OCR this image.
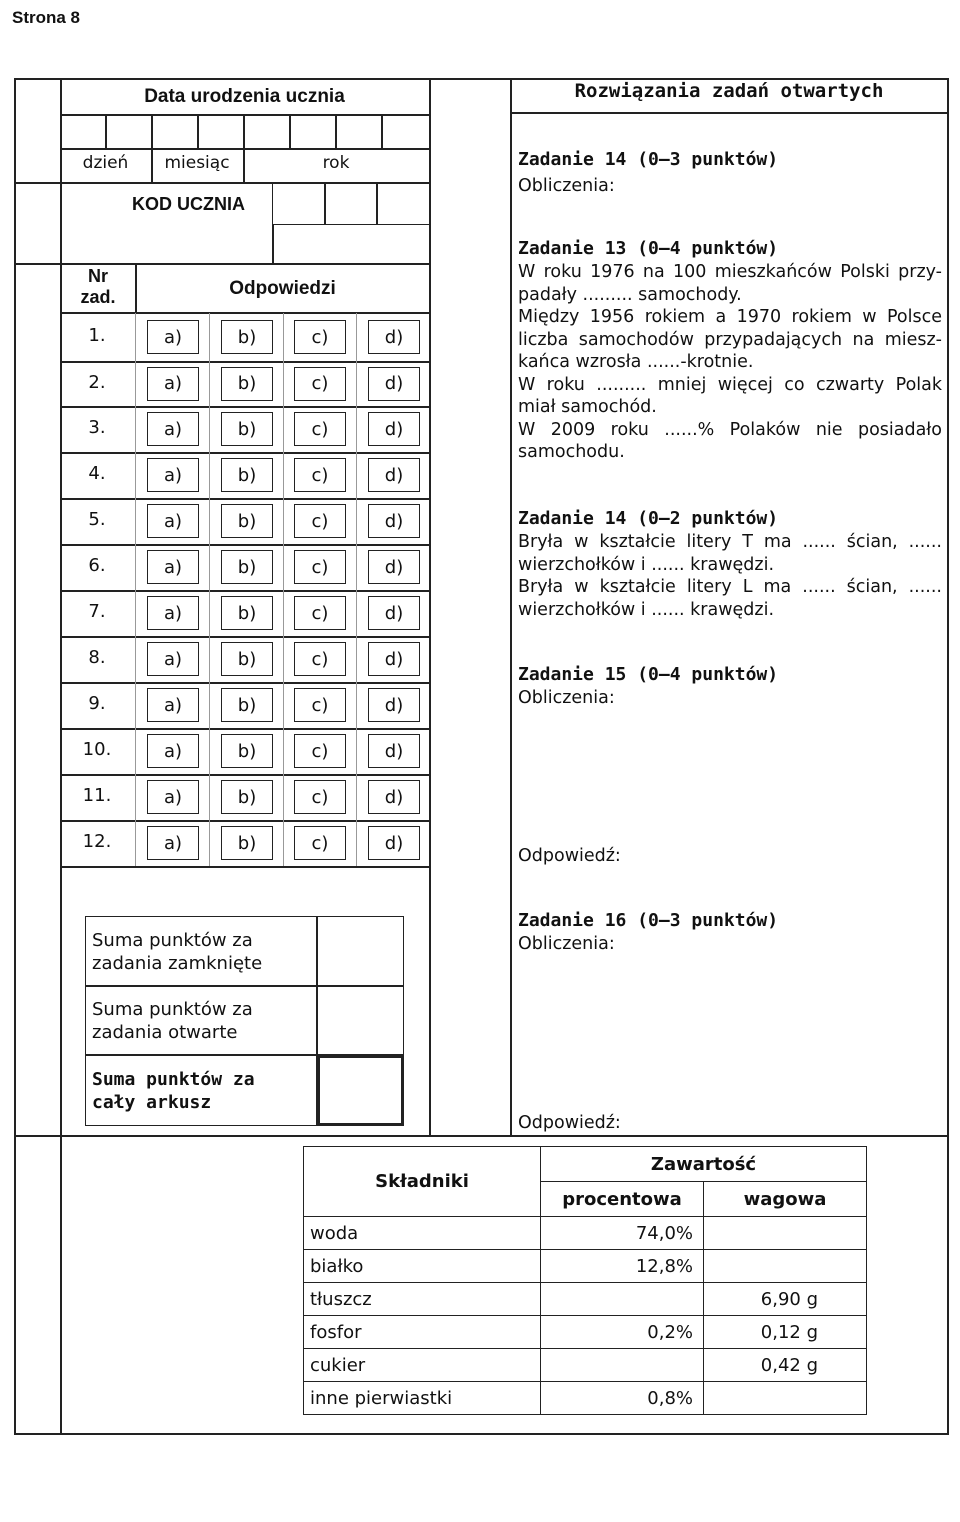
Strona 8
Data urodzenia ucznia
dzień	miesiąc	rok
KOD UCZNIA
Nr zad.	Odpowiedzi
1.	a)	b)	c)	d)
2.	a)	b)	c)	d)
3.	a)	b)	c)	d)
4.	a)	b)	c)	d)
5.	a)	b)	c)	d)
6.	a)	b)	c)	d)
7.	a)	b)	c)	d)
8.	a)	b)	c)	d)
9.	a)	b)	c)	d)
10.	a)	b)	c)	d)
11.	a)	b)	c)	d)
12.	a)	b)	c)	d)
Suma punktów za zadania zamknięte
Suma punktów za zadania otwarte
Suma punktów za cały arkusz
Rozwiązania zadań otwartych
Zadanie 14 (0–3 punktów)
Obliczenia:
Zadanie 13 (0–4 punktów)
W roku 1976 na 100 mieszkańców Polski przy-
padały ......... samochody.
Między 1956 rokiem a 1970 rokiem w Polsce
liczba samochodów przypadających na miesz-
kańca wzrosła ......-krotnie.
W roku ......... mniej więcej co czwarty Polak
miał samochód.
W 2009 roku ......% Polaków nie posiadało
samochodu.
Zadanie 14 (0–2 punktów)
Bryła w kształcie litery T ma ...... ścian, ......
wierzchołków i ...... krawędzi.
Bryła w kształcie litery L ma ...... ścian, ......
wierzchołków i ...... krawędzi.
Zadanie 15 (0–4 punktów)
Obliczenia:
Odpowiedź:
Zadanie 16 (0–3 punktów)
Obliczenia:
Odpowiedź:
Składniki	Zawartość	
	procentowa	wagowa
woda	74,0%	
białko	12,8%	
tłuszcz		6,90 g
fosfor	0,2%	0,12 g
cukier		0,42 g
inne pierwiastki	0,8%	
